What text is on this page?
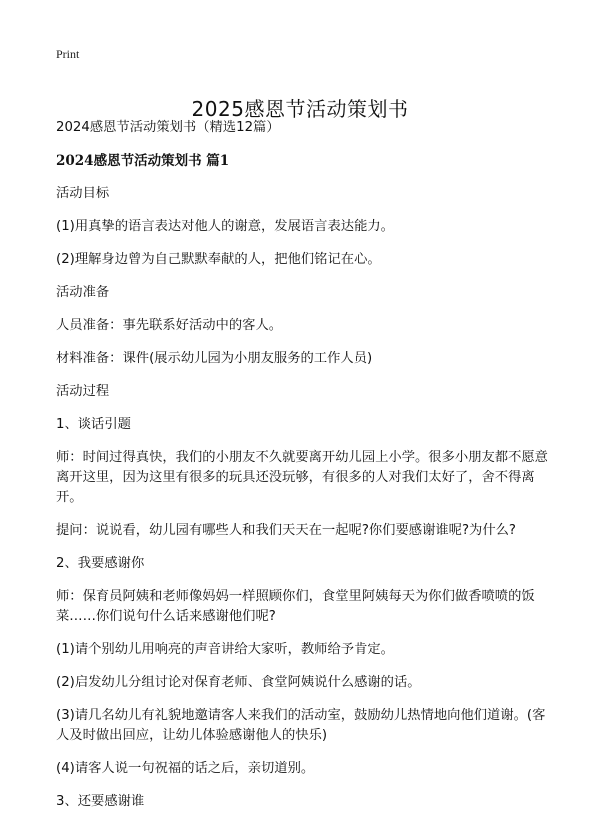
Print
2025感恩节活动策划书

2024感恩节活动策划书（精选12篇）

2024感恩节活动策划书 篇1

活动目标

(1)用真挚的语言表达对他人的谢意，发展语言表达能力。

(2)理解身边曾为自己默默奉献的人，把他们铭记在心。

活动准备

人员准备：事先联系好活动中的客人。

材料准备：课件(展示幼儿园为小朋友服务的工作人员)

活动过程

1、谈话引题

师：时间过得真快，我们的小朋友不久就要离开幼儿园上小学。很多小朋友都不愿意离开这里，因为这里有很多的玩具还没玩够，有很多的人对我们太好了，舍不得离开。

提问：说说看，幼儿园有哪些人和我们天天在一起呢?你们要感谢谁呢?为什么?

2、我要感谢你

师：保育员阿姨和老师像妈妈一样照顾你们，食堂里阿姨每天为你们做香喷喷的饭菜……你们说句什么话来感谢他们呢?

(1)请个别幼儿用响亮的声音讲给大家听，教师给予肯定。

(2)启发幼儿分组讨论对保育老师、食堂阿姨说什么感谢的话。

(3)请几名幼儿有礼貌地邀请客人来我们的活动室，鼓励幼儿热情地向他们道谢。(客人及时做出回应，让幼儿体验感谢他人的快乐)

(4)请客人说一句祝福的话之后，亲切道别。

3、还要感谢谁
